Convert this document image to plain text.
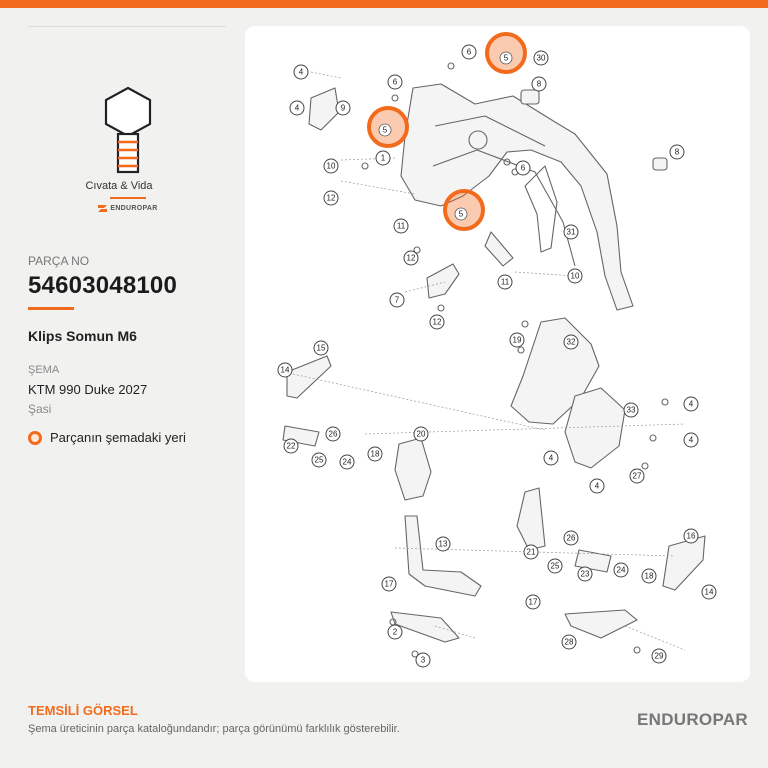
Cıvata & Vida
ENDUROPAR
PARÇA NO
54603048100
Klips Somun M6
ŞEMA
KTM 990 Duke 2027
Şasi
Parçanın şemadaki yeri
1
2
3
4
4
4
4
4
4
6
6
6
7
8
8
9
10
10
11
11
12
12
12
13
14
14
15
16
17
17
18
18
19
20
21
22
23
24
24
25
25
26
26
27
28
29
30
31
32
33
5
5
5
TEMSİLİ GÖRSEL
Şema üreticinin parça kataloğundandır; parça görünümü farklılık gösterebilir.	ENDUROPAR
